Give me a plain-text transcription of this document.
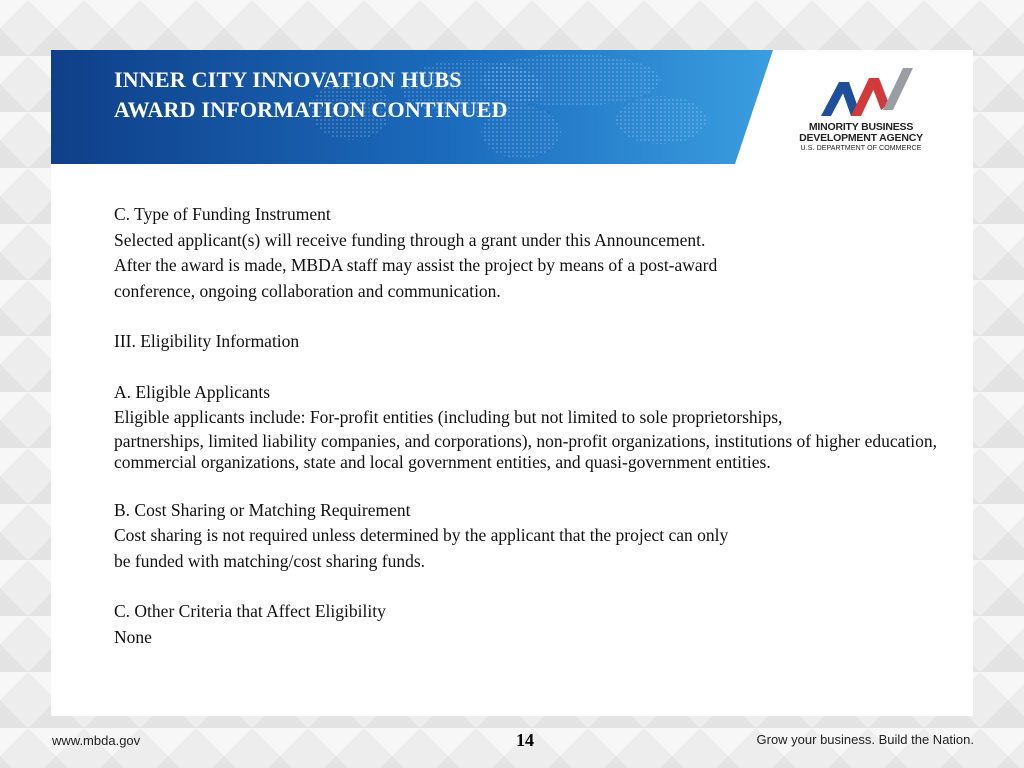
INNER CITY INNOVATION HUBS
AWARD INFORMATION CONTINUED
MINORITY BUSINESS
DEVELOPMENT AGENCY
U.S. DEPARTMENT OF COMMERCE
C. Type of Funding Instrument
Selected applicant(s) will receive funding through a grant under this Announcement.
After the award is made, MBDA staff may assist the project by means of a post-award
conference, ongoing collaboration and communication.
III. Eligibility Information
A. Eligible Applicants
Eligible applicants include: For-profit entities (including but not limited to sole proprietorships,
partnerships, limited liability companies, and corporations), non-profit organizations, institutions of higher education, commercial organizations, state and local government entities, and quasi-government entities.
B. Cost Sharing or Matching Requirement
Cost sharing is not required unless determined by the applicant that the project can only
be funded with matching/cost sharing funds.
C. Other Criteria that Affect Eligibility
None
www.mbda.gov	14	Grow your business. Build the Nation.
